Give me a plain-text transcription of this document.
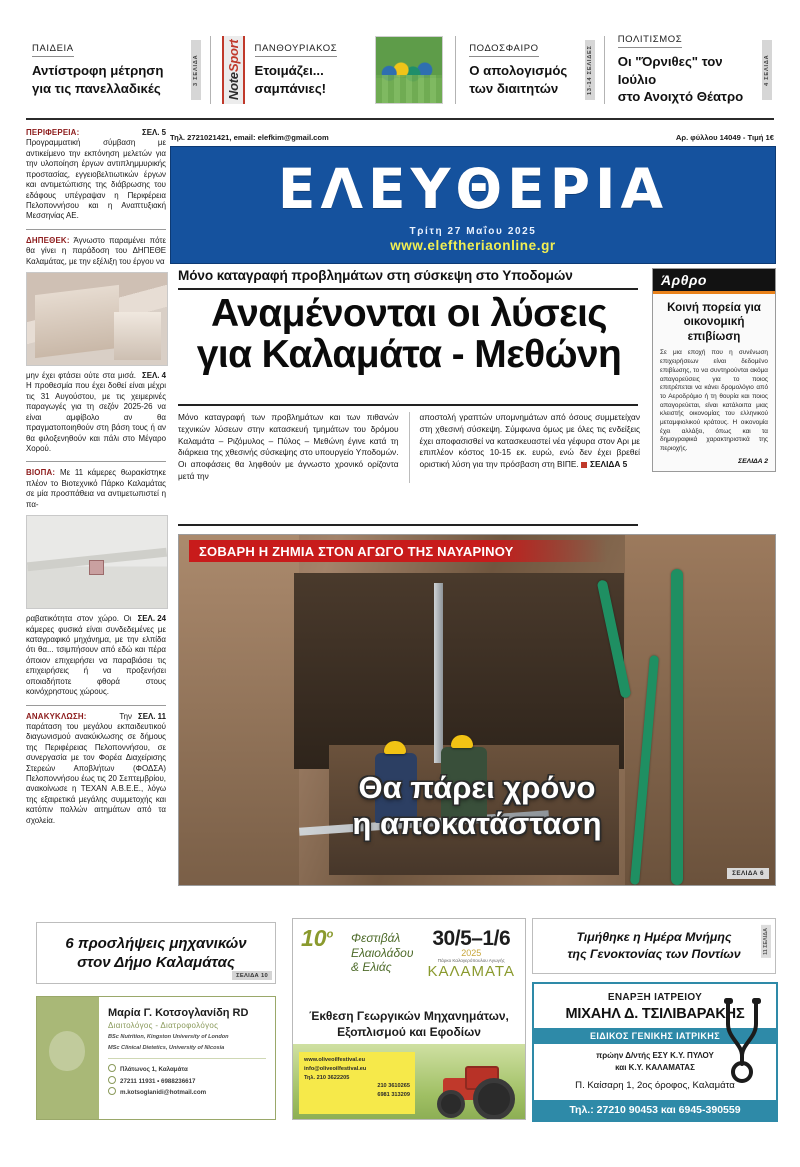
ΠΑΙΔΕΙΑ
Αντίστροφη μέτρηση
για τις πανελλαδικές
3 ΣΕΛΙΔΑ
Note
Sport ΠΑΝΘΟΥΡΙΑΚΟΣ
Ετοιμάζει...
σαμπάνιες!
ΠΟΔΟΣΦΑΙΡΟ
Ο απολογισμός
των διαιτητών	13-14 ΣΕΛΙΔΕΣ
ΠΟΛΙΤΙΣΜΟΣ
Οι "Όρνιθες" τον Ιούλιο
στο Ανοιχτό Θέατρο
4 ΣΕΛΙΔΑ
Τηλ. 2721021421, email: elefkim@gmail.com	Αρ. φύλλου 14049 - Τιμή 1€
ΕΛΕΥΘΕΡΙΑ
Τρίτη 27 Μαΐου 2025
www.eleftheriaonline.gr

ΣΕΛ. 5
ΠΕΡΙΦΕΡΕΙΑ: Προγραμματική σύμβαση με αντικείμενο την εκπόνηση μελετών για την υλοποίηση έργων αντιπλημμυρικής προστασίας, εγγειοβελτιωτικών έργων και αντιμετώπισης της διάβρωσης του εδάφους υπέγραψαν η Περιφέρεια Πελοποννήσου και η Αναπτυξιακή Μεσσηνίας ΑΕ.

ΔΗΠΕΘΕΚ: Άγνωστο παραμένει πότε θα γίνει η παράδοση του ΔΗΠΕΘΕ Καλαμάτας, με την εξέλιξη του έργου να

ΣΕΛ. 4
μην έχει φτάσει ούτε στα μισά. Η προθεσμία που έχει δοθεί είναι μέχρι τις 31 Αυγούστου, με τις χειμερινές παραγωγές για τη σεζόν 2025-26 να είναι αμφίβολο αν θα πραγματοποιηθούν στη βάση τους ή αν θα φιλοξενηθούν και πάλι στο Μέγαρο Χορού.

ΒΙΟΠΑ: Με 11 κάμερες θωρακίστηκε πλέον το Βιοτεχνικό Πάρκο Καλαμάτας σε μία προσπάθεια να αντιμετωπιστεί η πα-

ΣΕΛ. 24
ραβατικότητα στον χώρο. Οι κάμερες φυσικά είναι συνδεδεμένες με καταγραφικό μηχάνημα, με την ελπίδα ότι θα... τσιμπήσουν από εδώ και πέρα όποιον επιχειρήσει να παραβιάσει τις επιχειρήσεις ή να προξενήσει οποιαδήποτε φθορά στους κοινόχρηστους χώρους.

ΣΕΛ. 11
ΑΝΑΚΥΚΛΩΣΗ: Την παράταση του μεγάλου εκπαιδευτικού διαγωνισμού ανακύκλωσης σε δήμους της Περιφέρειας Πελοποννήσου, σε συνεργασία με τον Φορέα Διαχείρισης Στερεών Αποβλήτων (ΦΟΔΣΑ) Πελοποννήσου έως τις 20 Σεπτεμβρίου, ανακοίνωσε η ΤΕΧΑΝ Α.Β.Ε.Ε., λόγω της εξαιρετικά μεγάλης συμμετοχής και κατόπιν πολλών αιτημάτων από τα σχολεία.

Μόνο καταγραφή προβλημάτων στη σύσκεψη στο Υποδομών
Αναμένονται οι λύσεις
για Καλαμάτα - Μεθώνη

Μόνο καταγραφή των προβλημάτων και των πιθανών τεχνικών λύσεων στην κατασκευή τμημάτων του δρόμου Καλαμάτα – Ριζόμυλος – Πύλος – Μεθώνη έγινε κατά τη διάρκεια της χθεσινής σύσκεψης στο υπουργείο Υποδομών. Οι αποφάσεις θα ληφθούν με άγνωστο χρονικό ορίζοντα μετά την

αποστολή γραπτών υπομνημάτων από όσους συμμετείχαν στη χθεσινή σύσκεψη. Σύμφωνα όμως με όλες τις ενδείξεις έχει αποφασισθεί να κατασκευαστεί νέα γέφυρα στον Αρι με επιπλέον κόστος 10-15 εκ. ευρώ, ενώ δεν έχει βρεθεί οριστική λύση για την πρόσβαση στη ΒΙΠΕ. ΣΕΛΙΔΑ 5

Άρθρο
Κοινή πορεία για οικονομική επιβίωση
Σε μια εποχή που η συνένωση επιχειρήσεων είναι δεδομένο επιβίωσης, το να συντηρούνται ακόμα απαγορεύσεις για το ποιος επιτρέπεται να κάνει δρομολόγιο από το Αεροδρόμιο ή τη θουρία και ποιος απαγορεύεται, είναι κατάλοιπα μιας κλειστής οικονομίας του ελληνικού μεταμφιολικού κράτους. Η οικονομία έχει αλλάξει, όπως και τα δημογραφικά χαρακτηριστικά της περιοχής.
ΣΕΛΙΔΑ 2
ΣΟΒΑΡΗ Η ΖΗΜΙΑ ΣΤΟΝ ΑΓΩΓΟ ΤΗΣ ΝΑΥΑΡΙΝΟΥ
Θα πάρει χρόνο
η αποκατάσταση
ΣΕΛΙΔΑ 6
6 προσλήψεις μηχανικών
στον Δήμο Καλαμάτας
ΣΕΛΙΔΑ 10
Μαρία Γ. Κοτσογλανίδη RD
Διαιτολόγος - Διατροφολόγος
BSc Nutrition, Kingston University of London
MSc Clinical Dietetics, University of Nicosia
Πλάτωνος 1, Καλαμάτα
27211 11931 • 6988236617
m.kotsoglanidi@hotmail.com
$10^o$ Φεστιβάλ
Ελαιολάδου
& Ελιάς
30/5–1/6
2025
Πάρκο Καλογερόπουλου Αγωγής
ΚΑΛΑΜΑΤΑ
Έκθεση Γεωργικών Μηχανημάτων,
Εξοπλισμού και Εφοδίων
www.oliveoilfestival.eu
info@oliveoilfestival.eu
Τηλ. 210 3622205
210 3610265
6981 313209
Τιμήθηκε η Ημέρα Μνήμης
της Γενοκτονίας των Ποντίων	11 ΣΕΛΙΔΑ
ΕΝΑΡΞΗ ΙΑΤΡΕΙΟΥ
ΜΙΧΑΗΛ Δ. ΤΣΙΛΙΒΑΡΑΚΗΣ
ΕΙΔΙΚΟΣ ΓΕΝΙΚΗΣ ΙΑΤΡΙΚΗΣ
πρώην Δ/ντής ΕΣΥ Κ.Υ. ΠΥΛΟΥ
και Κ.Υ. ΚΑΛΑΜΑΤΑΣ
Π. Καίσαρη 1, 2ος όροφος, Καλαμάτα
Τηλ.: 27210 90453 και 6945-390559
